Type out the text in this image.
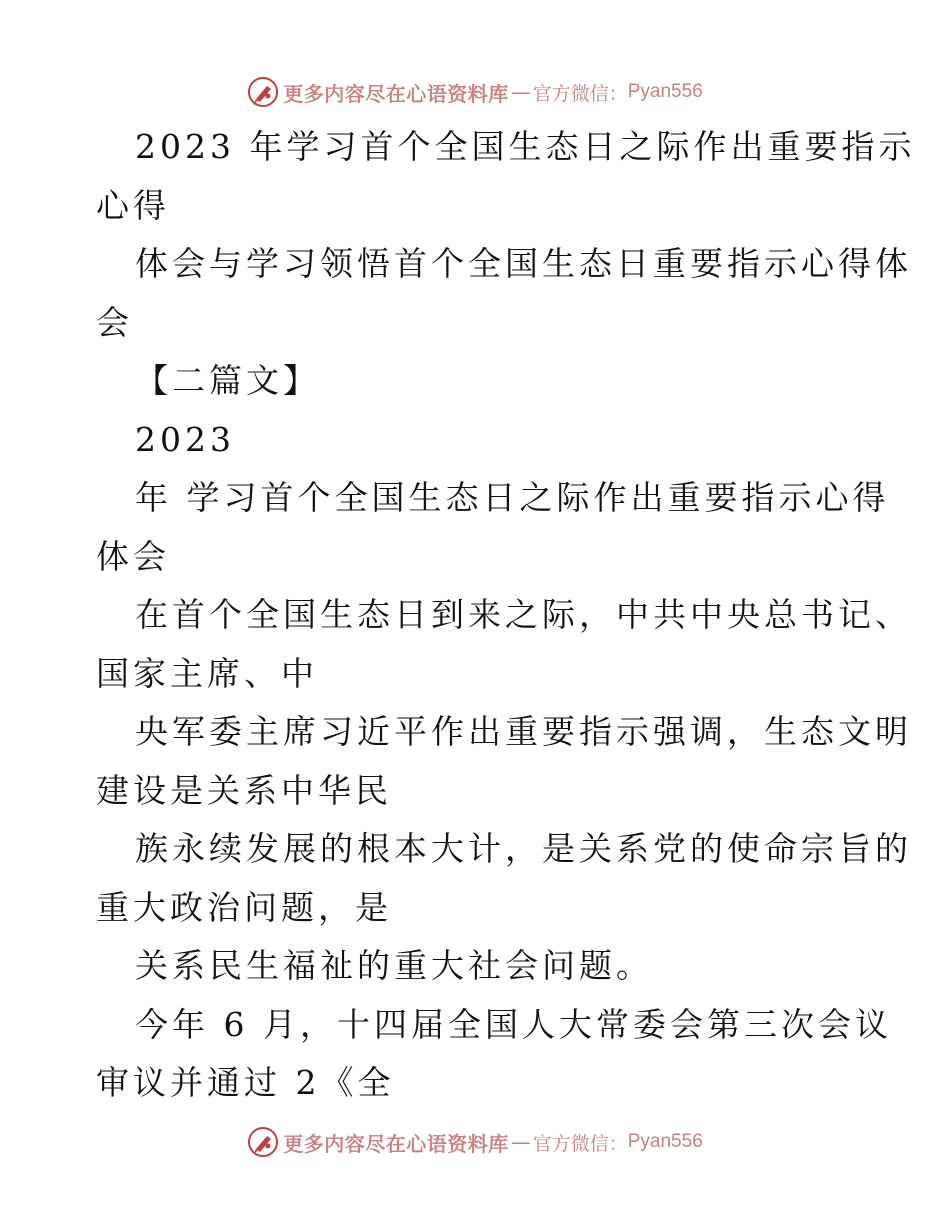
更多内容尽在心语资料库 — 官方微信： Pyan556
2023 年学习首个全国生态日之际作出重要指示
心得
体会与学习领悟首个全国生态日重要指示心得体
会
【二篇文】
2023
年 学习首个全国生态日之际作出重要指示心得
体会
在首个全国生态日到来之际，中共中央总书记、
国家主席、中
央军委主席习近平作出重要指示强调，生态文明
建设是关系中华民
族永续发展的根本大计，是关系党的使命宗旨的
重大政治问题，是
关系民生福祉的重大社会问题。
今年 6 月，十四届全国人大常委会第三次会议
审议并通过 2《全
更多内容尽在心语资料库 — 官方微信： Pyan556
